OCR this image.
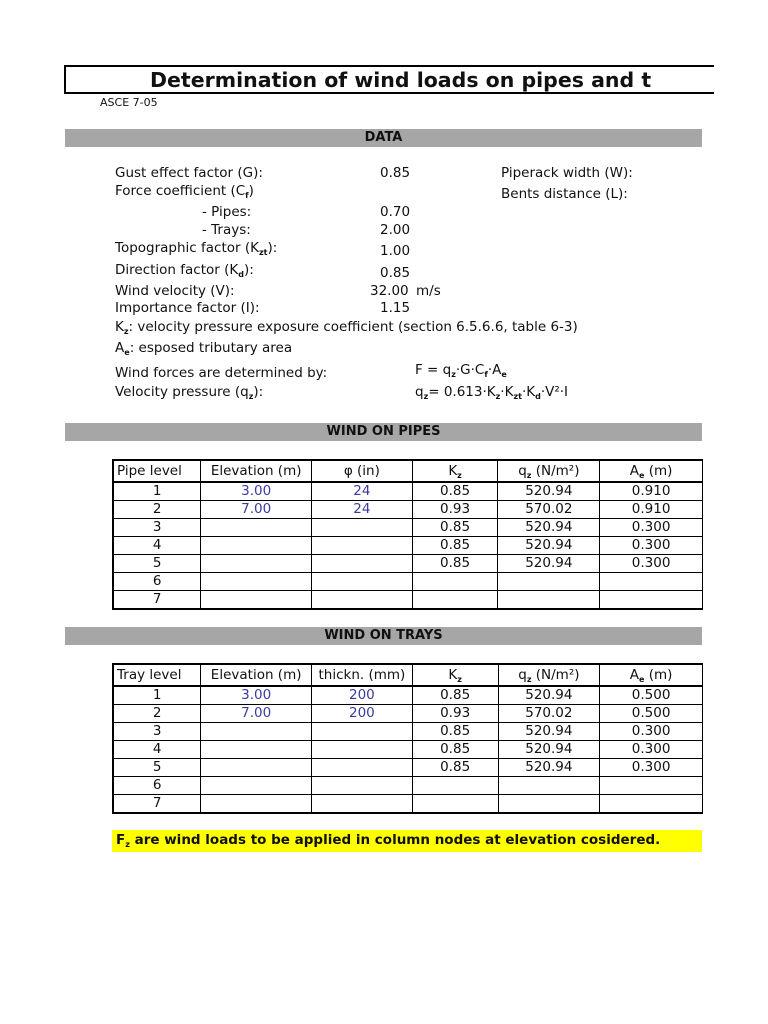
Determination of wind loads on pipes and t
ASCE 7-05
DATA
Gust effect factor (G):	0.85
Force coefficient $(C_f)$
- Pipes:	0.70
- Trays:	2.00
Topographic factor $(K_{zt})$:	1.00
Direction factor $(K_d)$:	0.85
Wind velocity (V):	32.00 m/s
Importance factor (I):	1.15
$K_z$: velocity pressure exposure coefficient (section 6.5.6.6, table 6-3)
$A_e$: esposed tributary area
Wind forces are determined by:	$F = q_z\cdot G\cdot C_f\cdot A_e$
Velocity pressure $(q_z)$:	$q_z= 0.613\cdot K_z\cdot K_{zt}\cdot K_d\cdot V^2\cdot I$
Piperack width (W):
Bents distance (L):
WIND ON PIPES
Pipe level	Elevation (m)	φ (in)	$K_z$	$q_z$ (N/m²)	$A_e$ (m)
1	3.00	24	0.85	520.94	0.910
2	7.00	24	0.93	570.02	0.910
3			0.85	520.94	0.300
4			0.85	520.94	0.300
5			0.85	520.94	0.300
6					
7					
WIND ON TRAYS
Tray level	Elevation (m)	thickn. (mm)	$K_z$	$q_z$ (N/m²)	$A_e$ (m)
1	3.00	200	0.85	520.94	0.500
2	7.00	200	0.93	570.02	0.500
3			0.85	520.94	0.300
4			0.85	520.94	0.300
5			0.85	520.94	0.300
6					
7					
$F_z$ are wind loads to be applied in column nodes at elevation cosidered.
